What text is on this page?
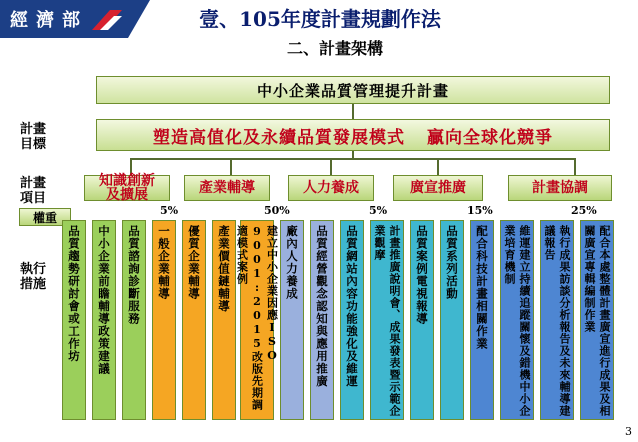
經濟部	壹、105年度計畫規劃作法
二、計畫架構
中小企業品質管理提升計畫
計畫目標	塑造高值化及永續品質發展模式 贏向全球化競爭
計畫項目
權重
知識創新及擴展	產業輔導	人力養成	廣宣推廣	計畫協調
5%	50%	5%	15%	25%
執行措施	品質趨勢研討會或工作坊	中小企業前瞻輔導政策建議	品質諮詢診斷服務	一般企業輔導	優質企業輔導	產業價值鏈輔導	建立中小企業因應ISO 9001:2015改版先期調適模式案例	廠內人力養成	品質經營觀念認知與應用推廣	品質網站內容功能強化及維運	計畫推廣說明會、成果發表暨示範企業觀摩	品質案例電視報導	品質系列活動	配合科技計畫相關作業	維運建立持續追蹤關懷及錯機中小企業培育機制	執行成果訪談分析報告及未來輔導建議報告	配合本處整體計畫廣宣進行成果及相關廣宣專輯編制作業
3
